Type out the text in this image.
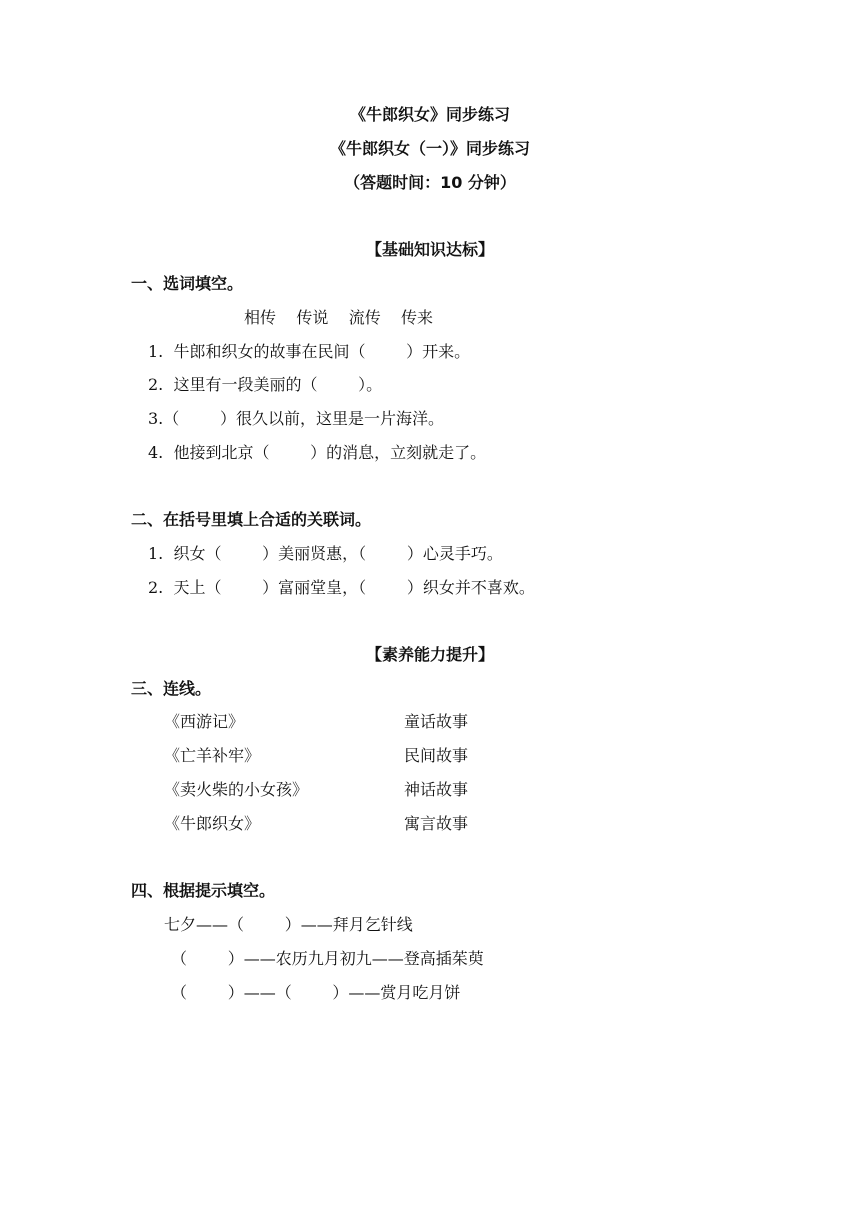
《牛郎织女》同步练习
《牛郎织女（一）》同步练习
（答题时间：10 分钟）
【基础知识达标】
一、选词填空。
相传    传说    流传    传来
1.  牛郎和织女的故事在民间（        ）开来。
2.  这里有一段美丽的（        ）。
3.（        ）很久以前，这里是一片海洋。
4.  他接到北京（        ）的消息，立刻就走了。
二、在括号里填上合适的关联词。
1.  织女（        ）美丽贤惠，（        ）心灵手巧。
2.  天上（        ）富丽堂皇，（        ）织女并不喜欢。
【素养能力提升】
三、连线。
《西游记》	童话故事
《亡羊补牢》	民间故事
《卖火柴的小女孩》	神话故事
《牛郎织女》	寓言故事
四、根据提示填空。
七夕——（        ）——拜月乞针线
（        ）——农历九月初九——登高插茱萸
（        ）——（        ）——赏月吃月饼
